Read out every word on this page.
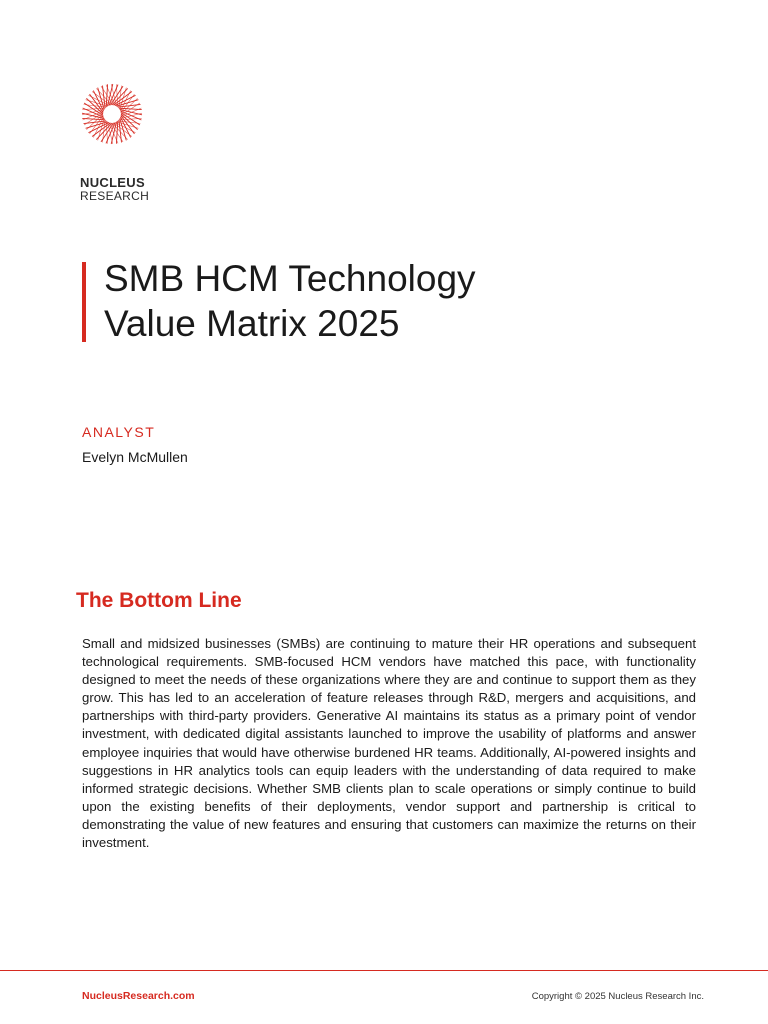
NUCLEUS
RESEARCH
SMB HCM Technology
Value Matrix 2025
ANALYST
Evelyn McMullen
The Bottom Line

Small and midsized businesses (SMBs) are continuing to mature their HR operations and subsequent technological requirements. SMB-focused HCM vendors have matched this pace, with functionality designed to meet the needs of these organizations where they are and continue to support them as they grow. This has led to an acceleration of feature releases through R&D, mergers and acquisitions, and partnerships with third-party providers. Generative AI maintains its status as a primary point of vendor investment, with dedicated digital assistants launched to improve the usability of platforms and answer employee inquiries that would have otherwise burdened HR teams. Additionally, AI-powered insights and suggestions in HR analytics tools can equip leaders with the understanding of data required to make informed strategic decisions. Whether SMB clients plan to scale operations or simply continue to build upon the existing benefits of their deployments, vendor support and partnership is critical to demonstrating the value of new features and ensuring that customers can maximize the returns on their investment.

NucleusResearch.com	Copyright © 2025 Nucleus Research Inc.
